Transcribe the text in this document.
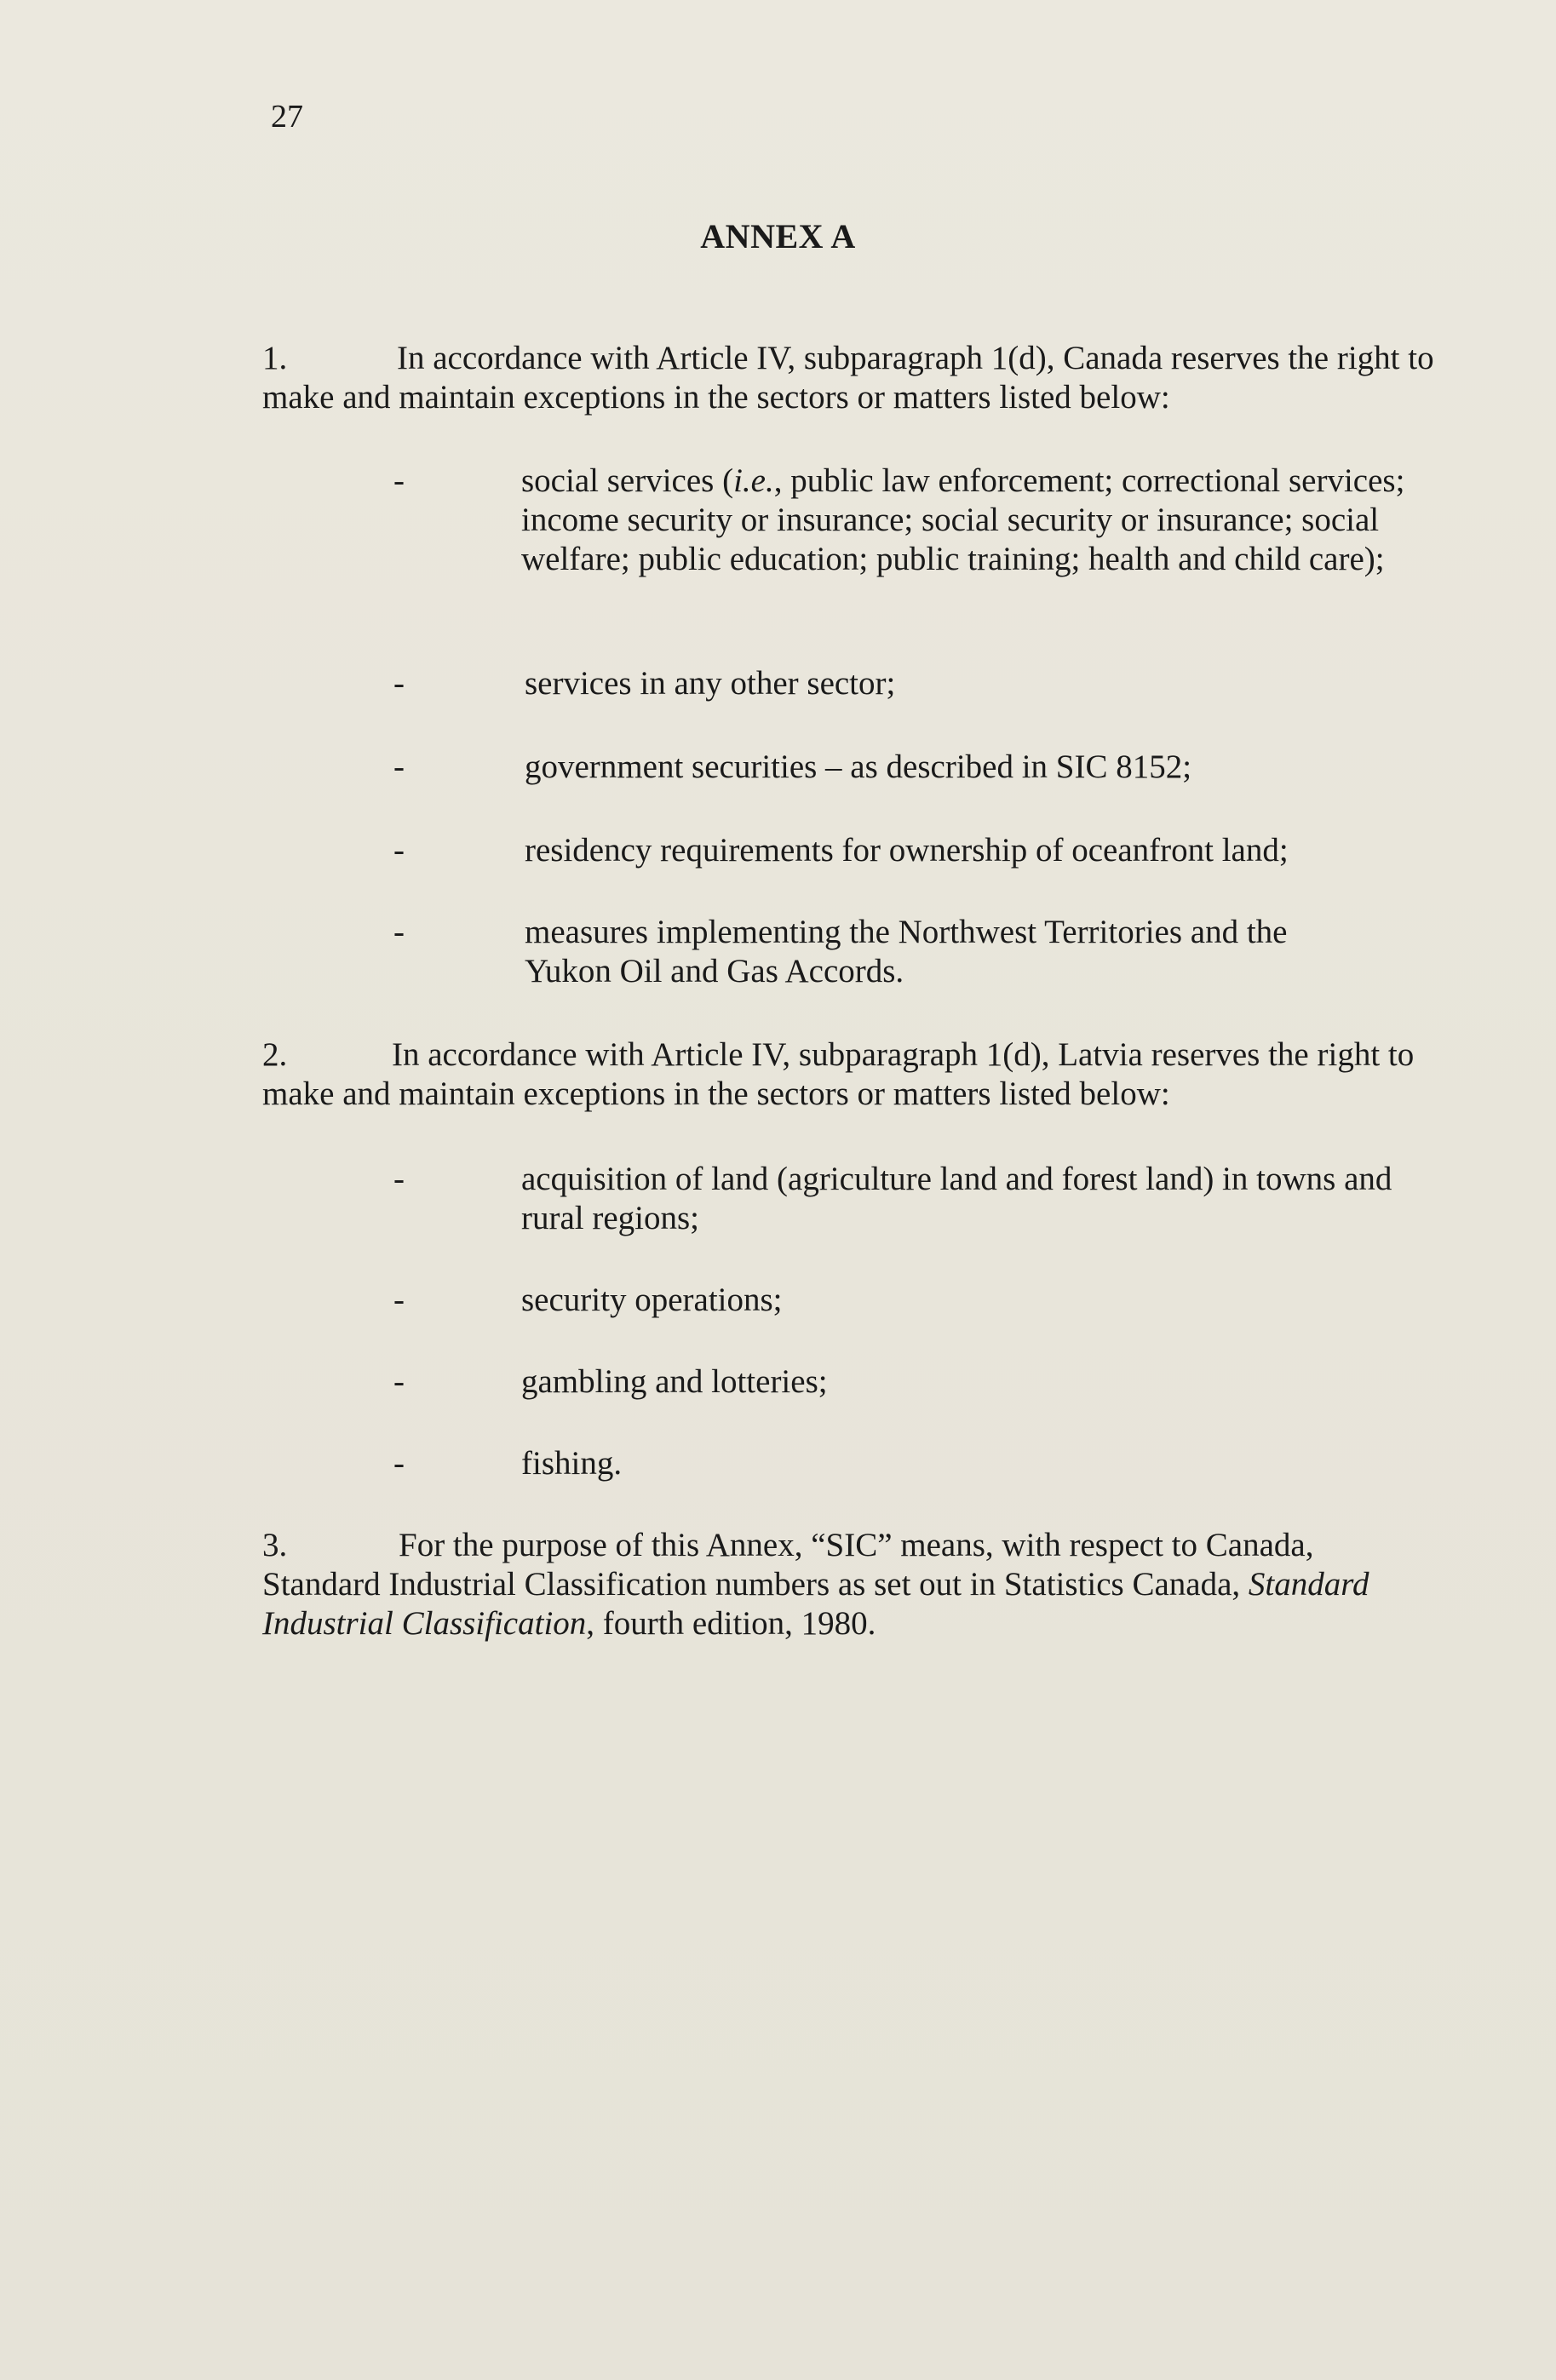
27
ANNEX A
1.	In accordance with Article IV, subparagraph 1(d), Canada reserves the right to make and maintain exceptions in the sectors or matters listed below:
-	social services (i.e., public law enforcement; correctional services; income security or insurance; social security or insurance; social welfare; public education; public training; health and child care);
-	services in any other sector;
-	government securities – as described in SIC 8152;
-	residency requirements for ownership of oceanfront land;
-	measures implementing the Northwest Territories and the Yukon Oil and Gas Accords.
2.	In accordance with Article IV, subparagraph 1(d), Latvia reserves the right to make and maintain exceptions in the sectors or matters listed below:
-	acquisition of land (agriculture land and forest land) in towns and rural regions;
-	security operations;
-	gambling and lotteries;
-	fishing.
3.	For the purpose of this Annex, “SIC” means, with respect to Canada, Standard Industrial Classification numbers as set out in Statistics Canada, Standard Industrial Classification, fourth edition, 1980.
